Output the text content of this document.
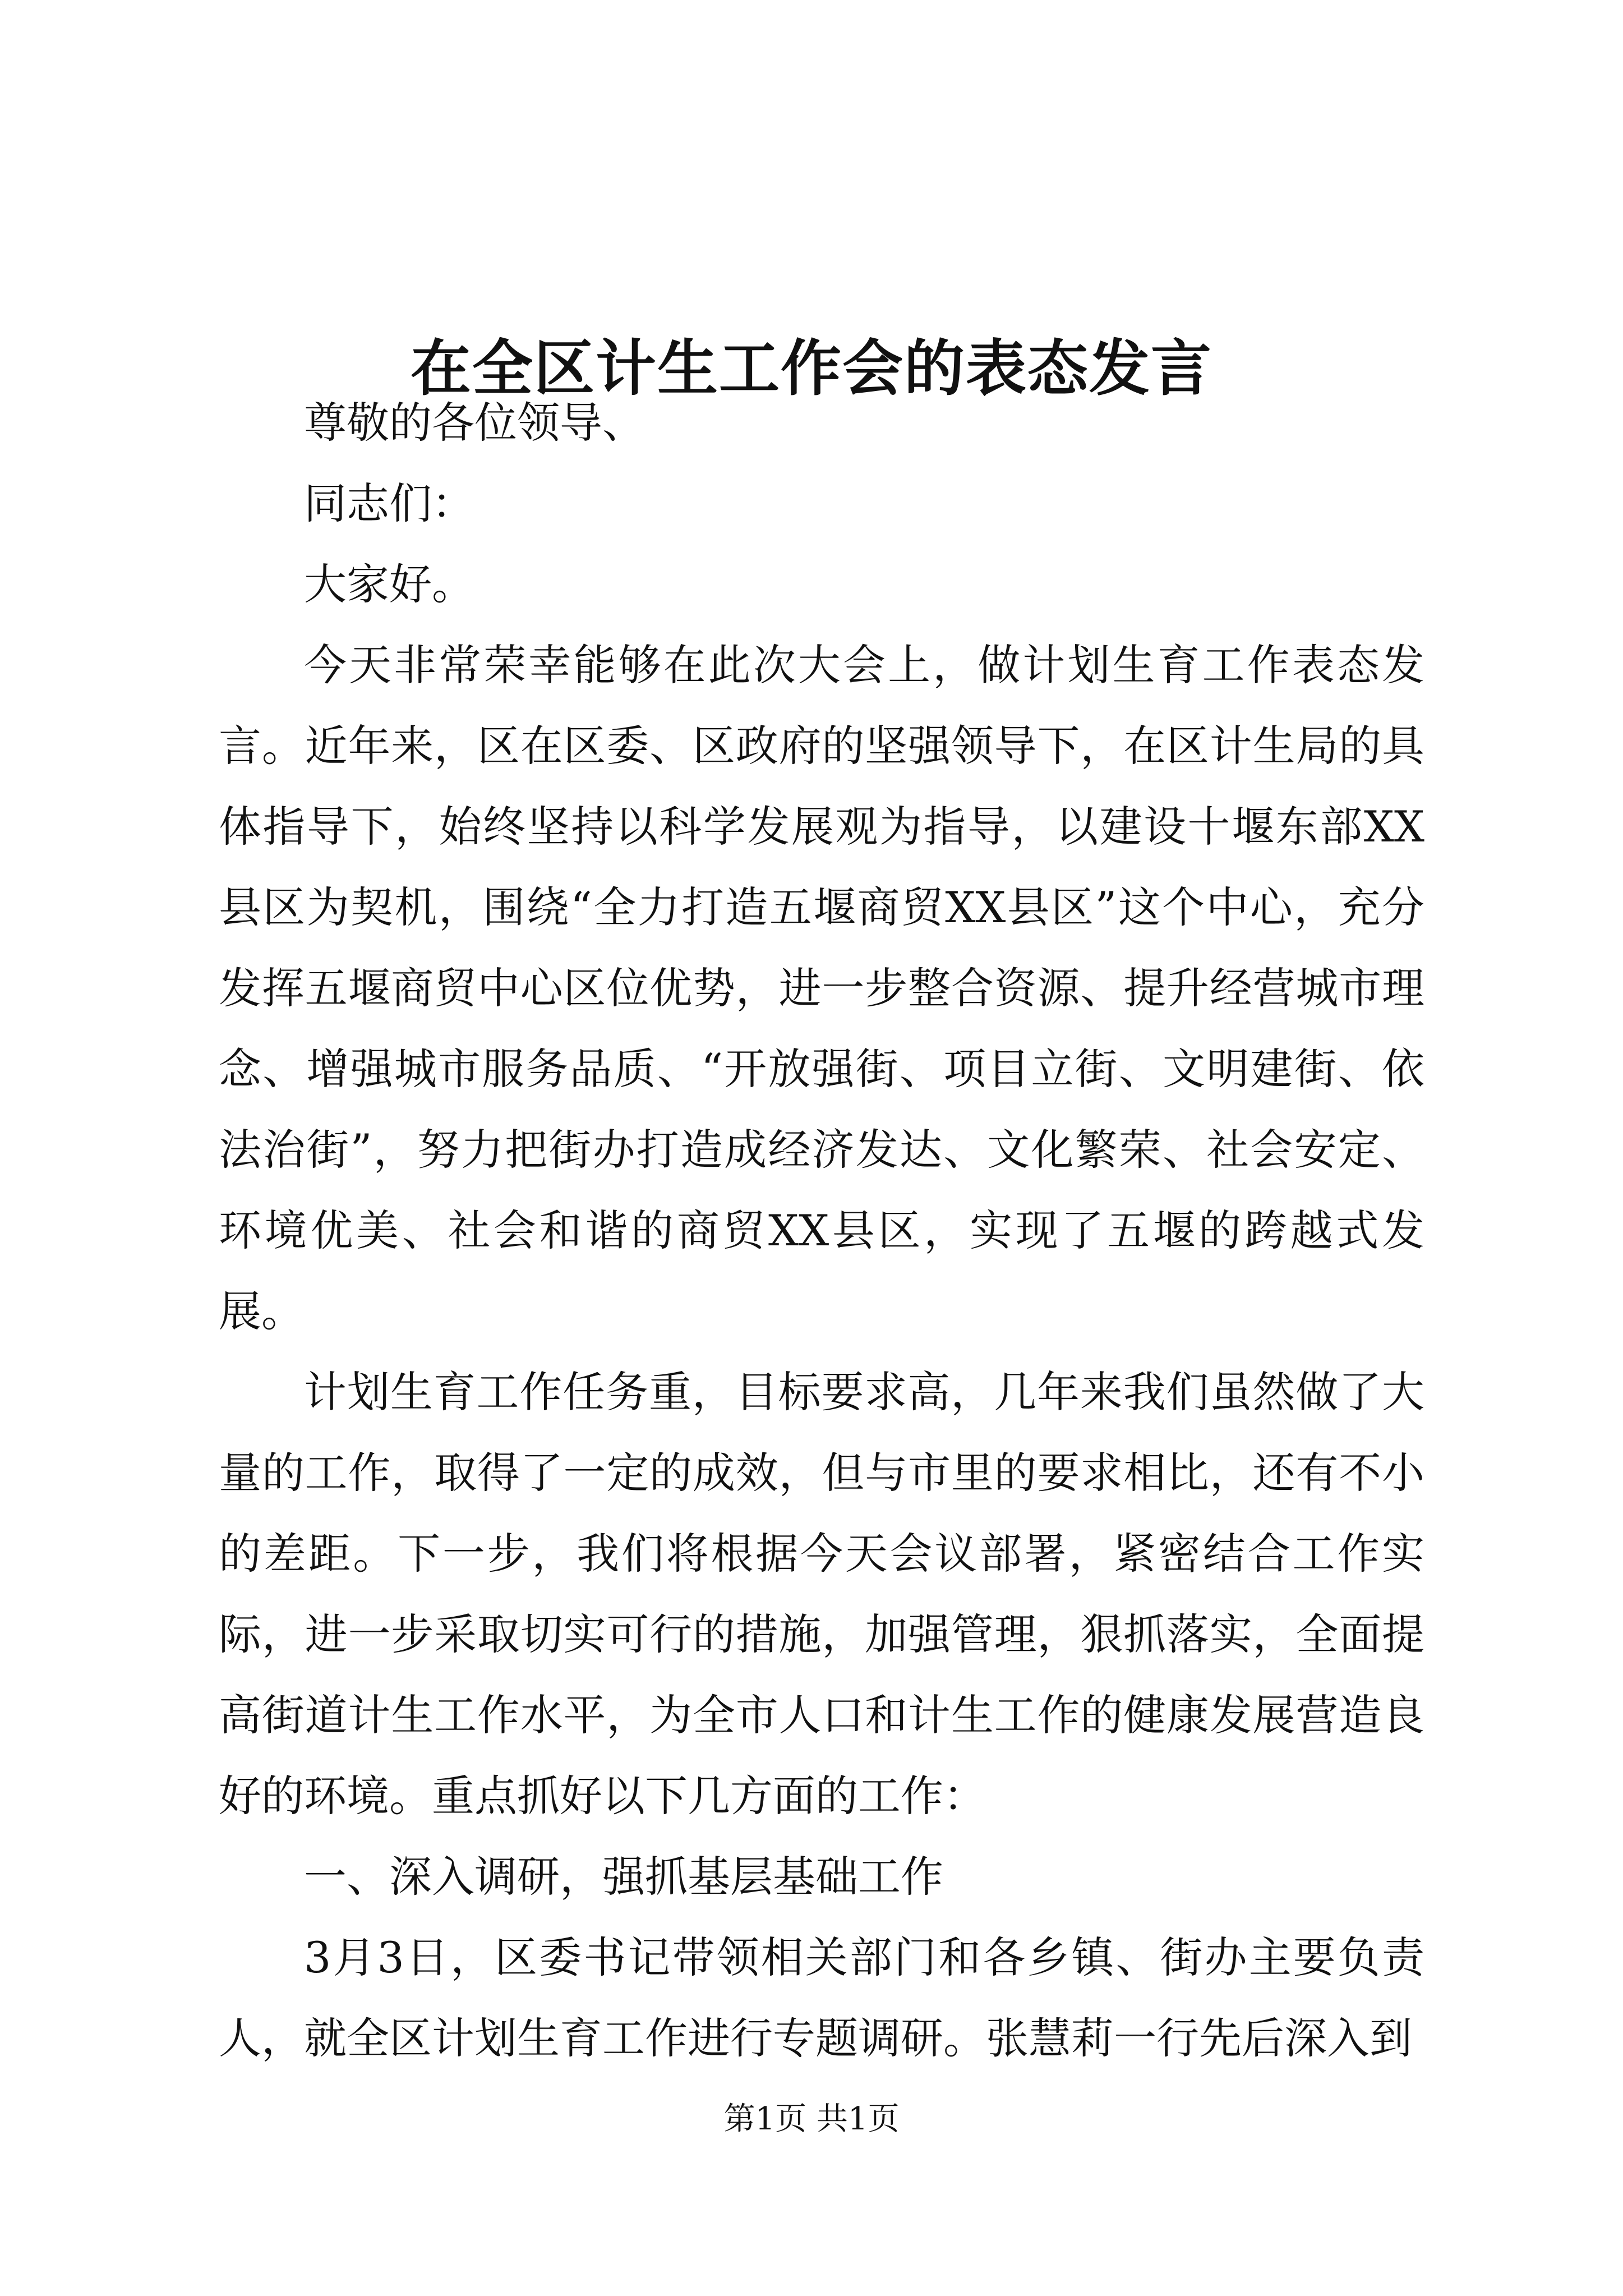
在全区计生工作会的表态发言

尊敬的各位领导、

同志们：

大家好。

今天非常荣幸能够在此次大会上，做计划生育工作表态发言。近年来，区在区委、区政府的坚强领导下，在区计生局的具体指导下，始终坚持以科学发展观为指导，以建设十堰东部XX县区为契机，围绕“全力打造五堰商贸XX县区”这个中心，充分发挥五堰商贸中心区位优势，进一步整合资源、提升经营城市理念、增强城市服务品质、“开放强街、项目立街、文明建街、依法治街”，努力把街办打造成经济发达、文化繁荣、社会安定、环境优美、社会和谐的商贸XX县区，实现了五堰的跨越式发展。

计划生育工作任务重，目标要求高，几年来我们虽然做了大量的工作，取得了一定的成效，但与市里的要求相比，还有不小的差距。下一步，我们将根据今天会议部署，紧密结合工作实际，进一步采取切实可行的措施，加强管理，狠抓落实，全面提高街道计生工作水平，为全市人口和计生工作的健康发展营造良好的环境。重点抓好以下几方面的工作：

一、深入调研，强抓基层基础工作

3月3日，区委书记带领相关部门和各乡镇、街办主要负责人，就全区计划生育工作进行专题调研。张慧莉一行先后深入到

第1页 共1页
